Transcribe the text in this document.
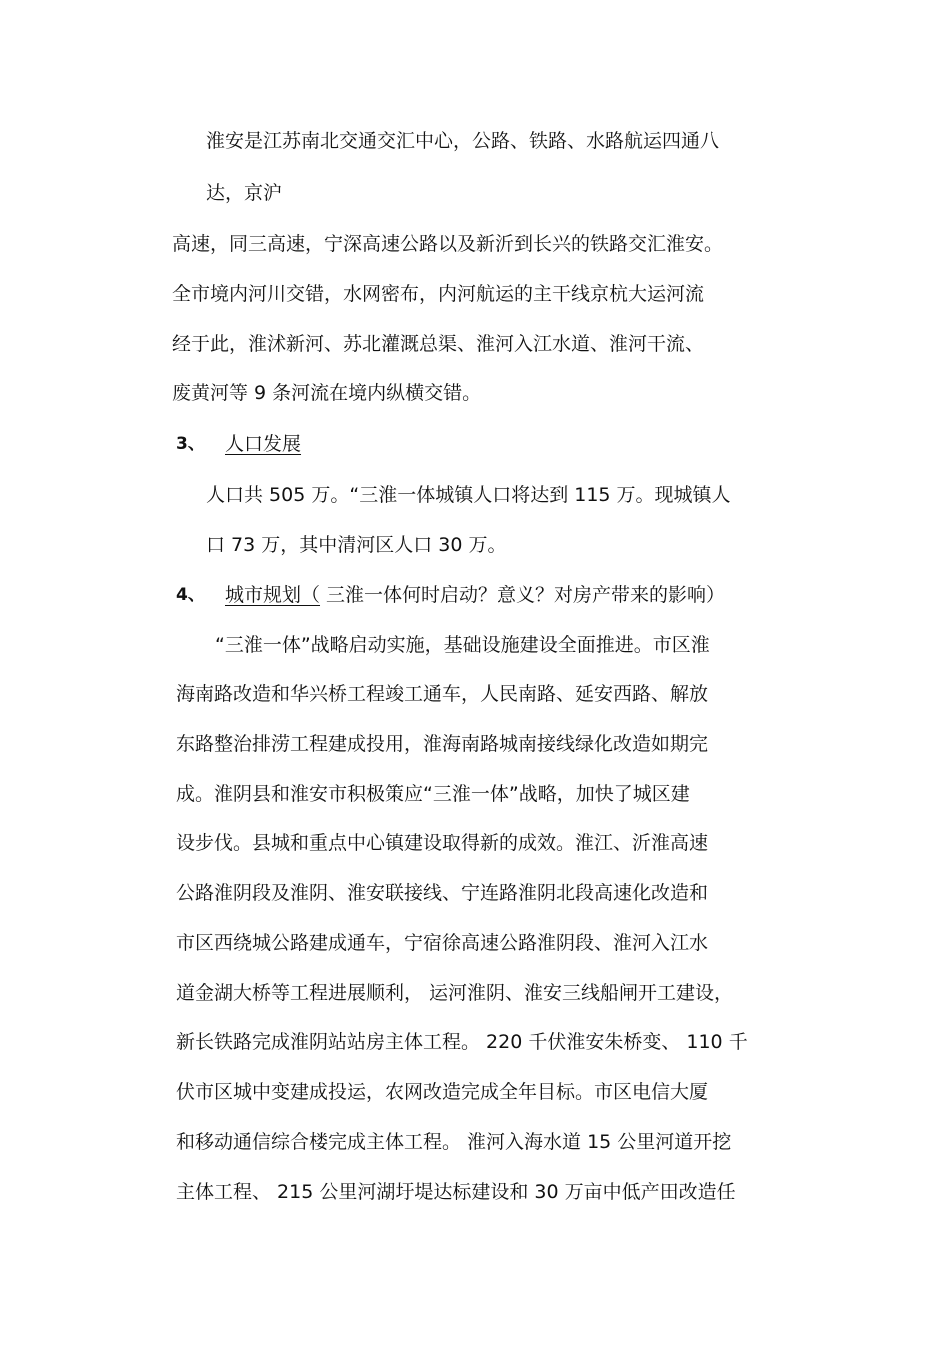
淮安是江苏南北交通交汇中心，公路、铁路、水路航运四通八
达，京沪
高速，同三高速，宁深高速公路以及新沂到长兴的铁路交汇淮安。
全市境内河川交错，水网密布，内河航运的主干线京杭大运河流
经于此，淮沭新河、苏北灌溉总渠、淮河入江水道、淮河干流、
废黄河等 9 条河流在境内纵横交错。
3、 人口发展
人口共 505 万。“三淮一体城镇人口将达到 115 万。现城镇人
口 73 万，其中清河区人口 30 万。
4、 城市规划（ 三淮一体何时启动？意义？对房产带来的影响）
“三淮一体”战略启动实施，基础设施建设全面推进。市区淮
海南路改造和华兴桥工程竣工通车，人民南路、延安西路、解放
东路整治排涝工程建成投用，淮海南路城南接线绿化改造如期完
成。淮阴县和淮安市积极策应“三淮一体”战略，加快了城区建
设步伐。县城和重点中心镇建设取得新的成效。淮江、沂淮高速
公路淮阴段及淮阴、淮安联接线、宁连路淮阴北段高速化改造和
市区西绕城公路建成通车，宁宿徐高速公路淮阴段、淮河入江水
道金湖大桥等工程进展顺利， 运河淮阴、淮安三线船闸开工建设，
新长铁路完成淮阴站站房主体工程。 220 千伏淮安朱桥变、 110 千
伏市区城中变建成投运，农网改造完成全年目标。市区电信大厦
和移动通信综合楼完成主体工程。 淮河入海水道 15 公里河道开挖
主体工程、 215 公里河湖圩堤达标建设和 30 万亩中低产田改造任
